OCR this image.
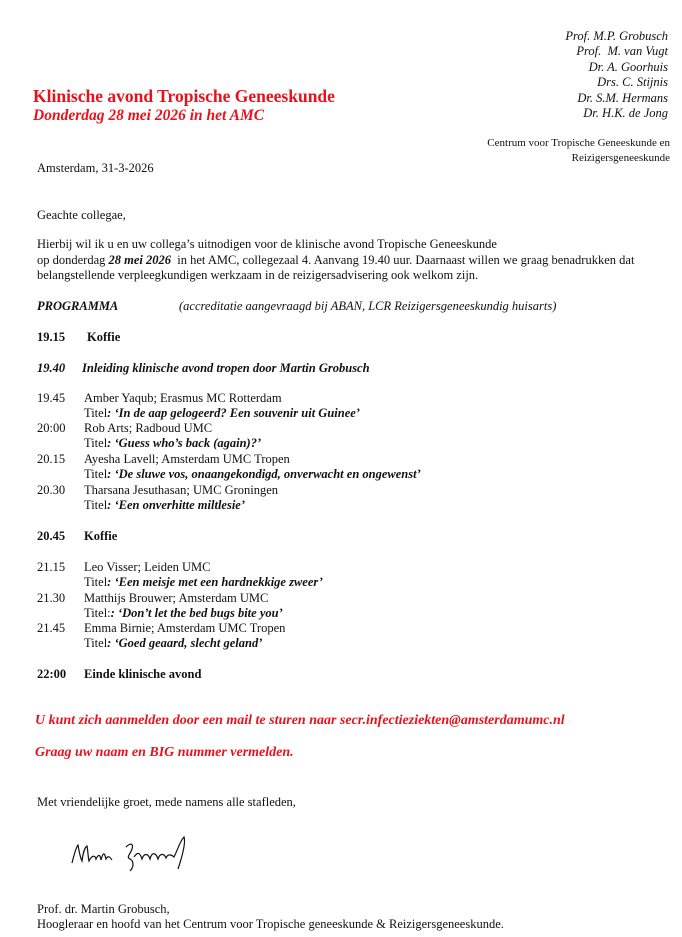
Prof. M.P. Grobusch
Prof.  M. van Vugt
Dr. A. Goorhuis
Drs. C. Stijnis
Dr. S.M. Hermans
Dr. H.K. de Jong
Klinische avond Tropische Geneeskunde
Donderdag 28 mei 2026 in het AMC
Centrum voor Tropische Geneeskunde en
Reizigersgeneeskunde
Amsterdam, 31-3-2026
Geachte collegae,
Hierbij wil ik u en uw collega’s uitnodigen voor de klinische avond Tropische Geneeskunde
op donderdag 28 mei 2026  in het AMC, collegezaal 4. Aanvang 19.40 uur. Daarnaast willen we graag benadrukken dat
belangstellende verpleegkundigen werkzaam in de reizigersadvisering ook welkom zijn.
PROGRAMMA	(accreditatie aangevraagd bij ABAN, LCR Reizigersgeneeskundig huisarts)
19.15 Koffie
19.40 Inleiding klinische avond tropen door Martin Grobusch
19.45 Amber Yaqub; Erasmus MC Rotterdam
Titel: ‘In de aap gelogeerd? Een souvenir uit Guinee’
20:00 Rob Arts; Radboud UMC
Titel: ‘Guess who’s back (again)?’
20.15 Ayesha Lavell; Amsterdam UMC Tropen
Titel: ‘De sluwe vos, onaangekondigd, onverwacht en ongewenst’
20.30 Tharsana Jesuthasan; UMC Groningen
Titel: ‘Een onverhitte miltlesie’
20.45 Koffie
21.15 Leo Visser; Leiden UMC
Titel: ‘Een meisje met een hardnekkige zweer’
21.30 Matthijs Brouwer; Amsterdam UMC
Titel:: ‘Don’t let the bed bugs bite you’
21.45 Emma Birnie; Amsterdam UMC Tropen
Titel: ‘Goed geaard, slecht geland’
22:00 Einde klinische avond
U kunt zich aanmelden door een mail te sturen naar secr.infectieziekten@amsterdamumc.nl
Graag uw naam en BIG nummer vermelden.
Met vriendelijke groet, mede namens alle stafleden,
Prof. dr. Martin Grobusch,
Hoogleraar en hoofd van het Centrum voor Tropische geneeskunde & Reizigersgeneeskunde.
